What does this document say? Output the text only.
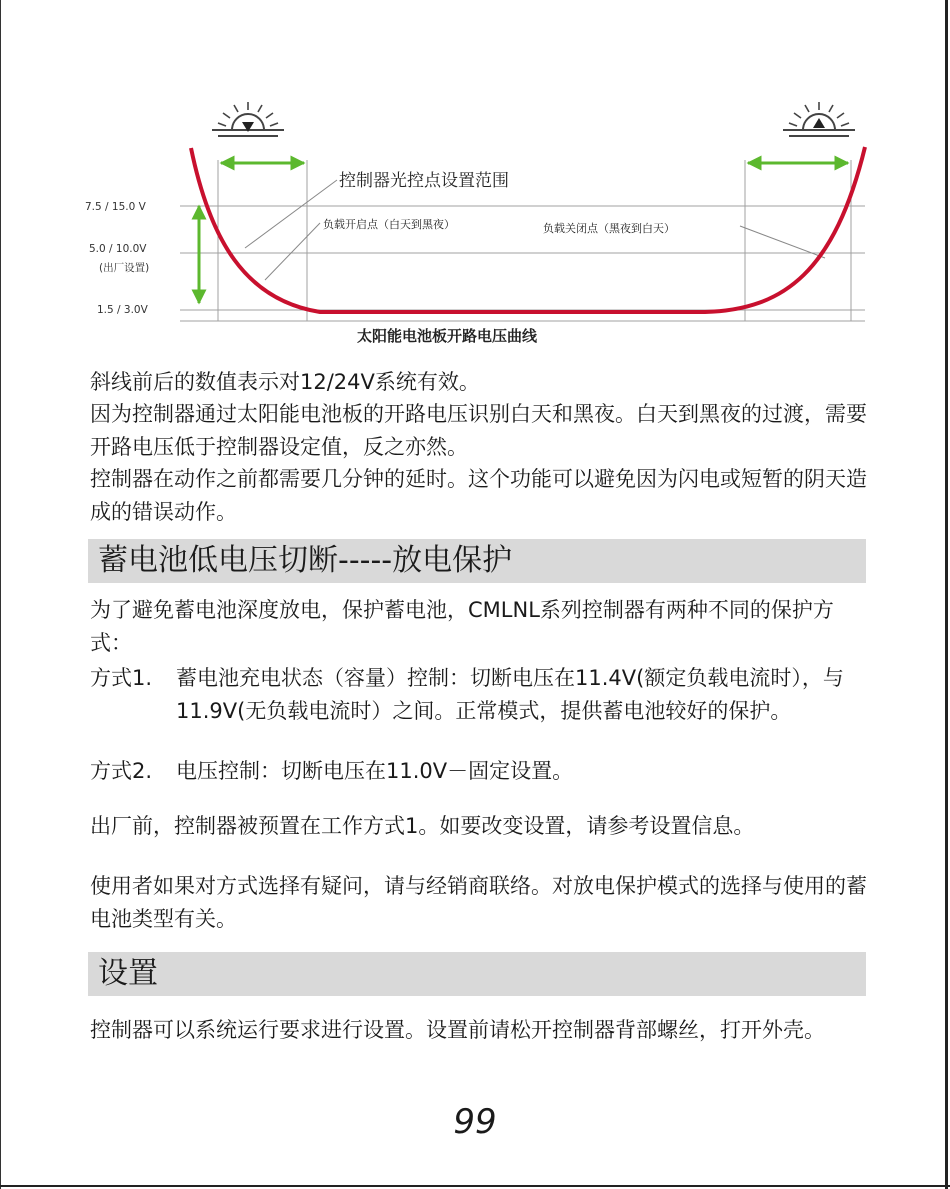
7.5 / 15.0 V
5.0 / 10.0V
(出厂设置)
1.5 / 3.0V
控制器光控点设置范围
负载开启点（白天到黑夜）	负载关闭点（黑夜到白天）
太阳能电池板开路电压曲线

斜线前后的数值表示对12/24V系统有效。

因为控制器通过太阳能电池板的开路电压识别白天和黑夜。白天到黑夜的过渡，需要开路电压低于控制器设定值，反之亦然。

控制器在动作之前都需要几分钟的延时。这个功能可以避免因为闪电或短暂的阴天造成的错误动作。

蓄电池低电压切断-----放电保护

为了避免蓄电池深度放电，保护蓄电池，CMLNL系列控制器有两种不同的保护方式：

方式1.	蓄电池充电状态（容量）控制：切断电压在11.4V(额定负载电流时），与11.9V(无负载电流时）之间。正常模式，提供蓄电池较好的保护。
方式2.	电压控制：切断电压在11.0V－固定设置。

出厂前，控制器被预置在工作方式1。如要改变设置，请参考设置信息。

使用者如果对方式选择有疑问，请与经销商联络。对放电保护模式的选择与使用的蓄电池类型有关。

设置

控制器可以系统运行要求进行设置。设置前请松开控制器背部螺丝，打开外壳。

99
